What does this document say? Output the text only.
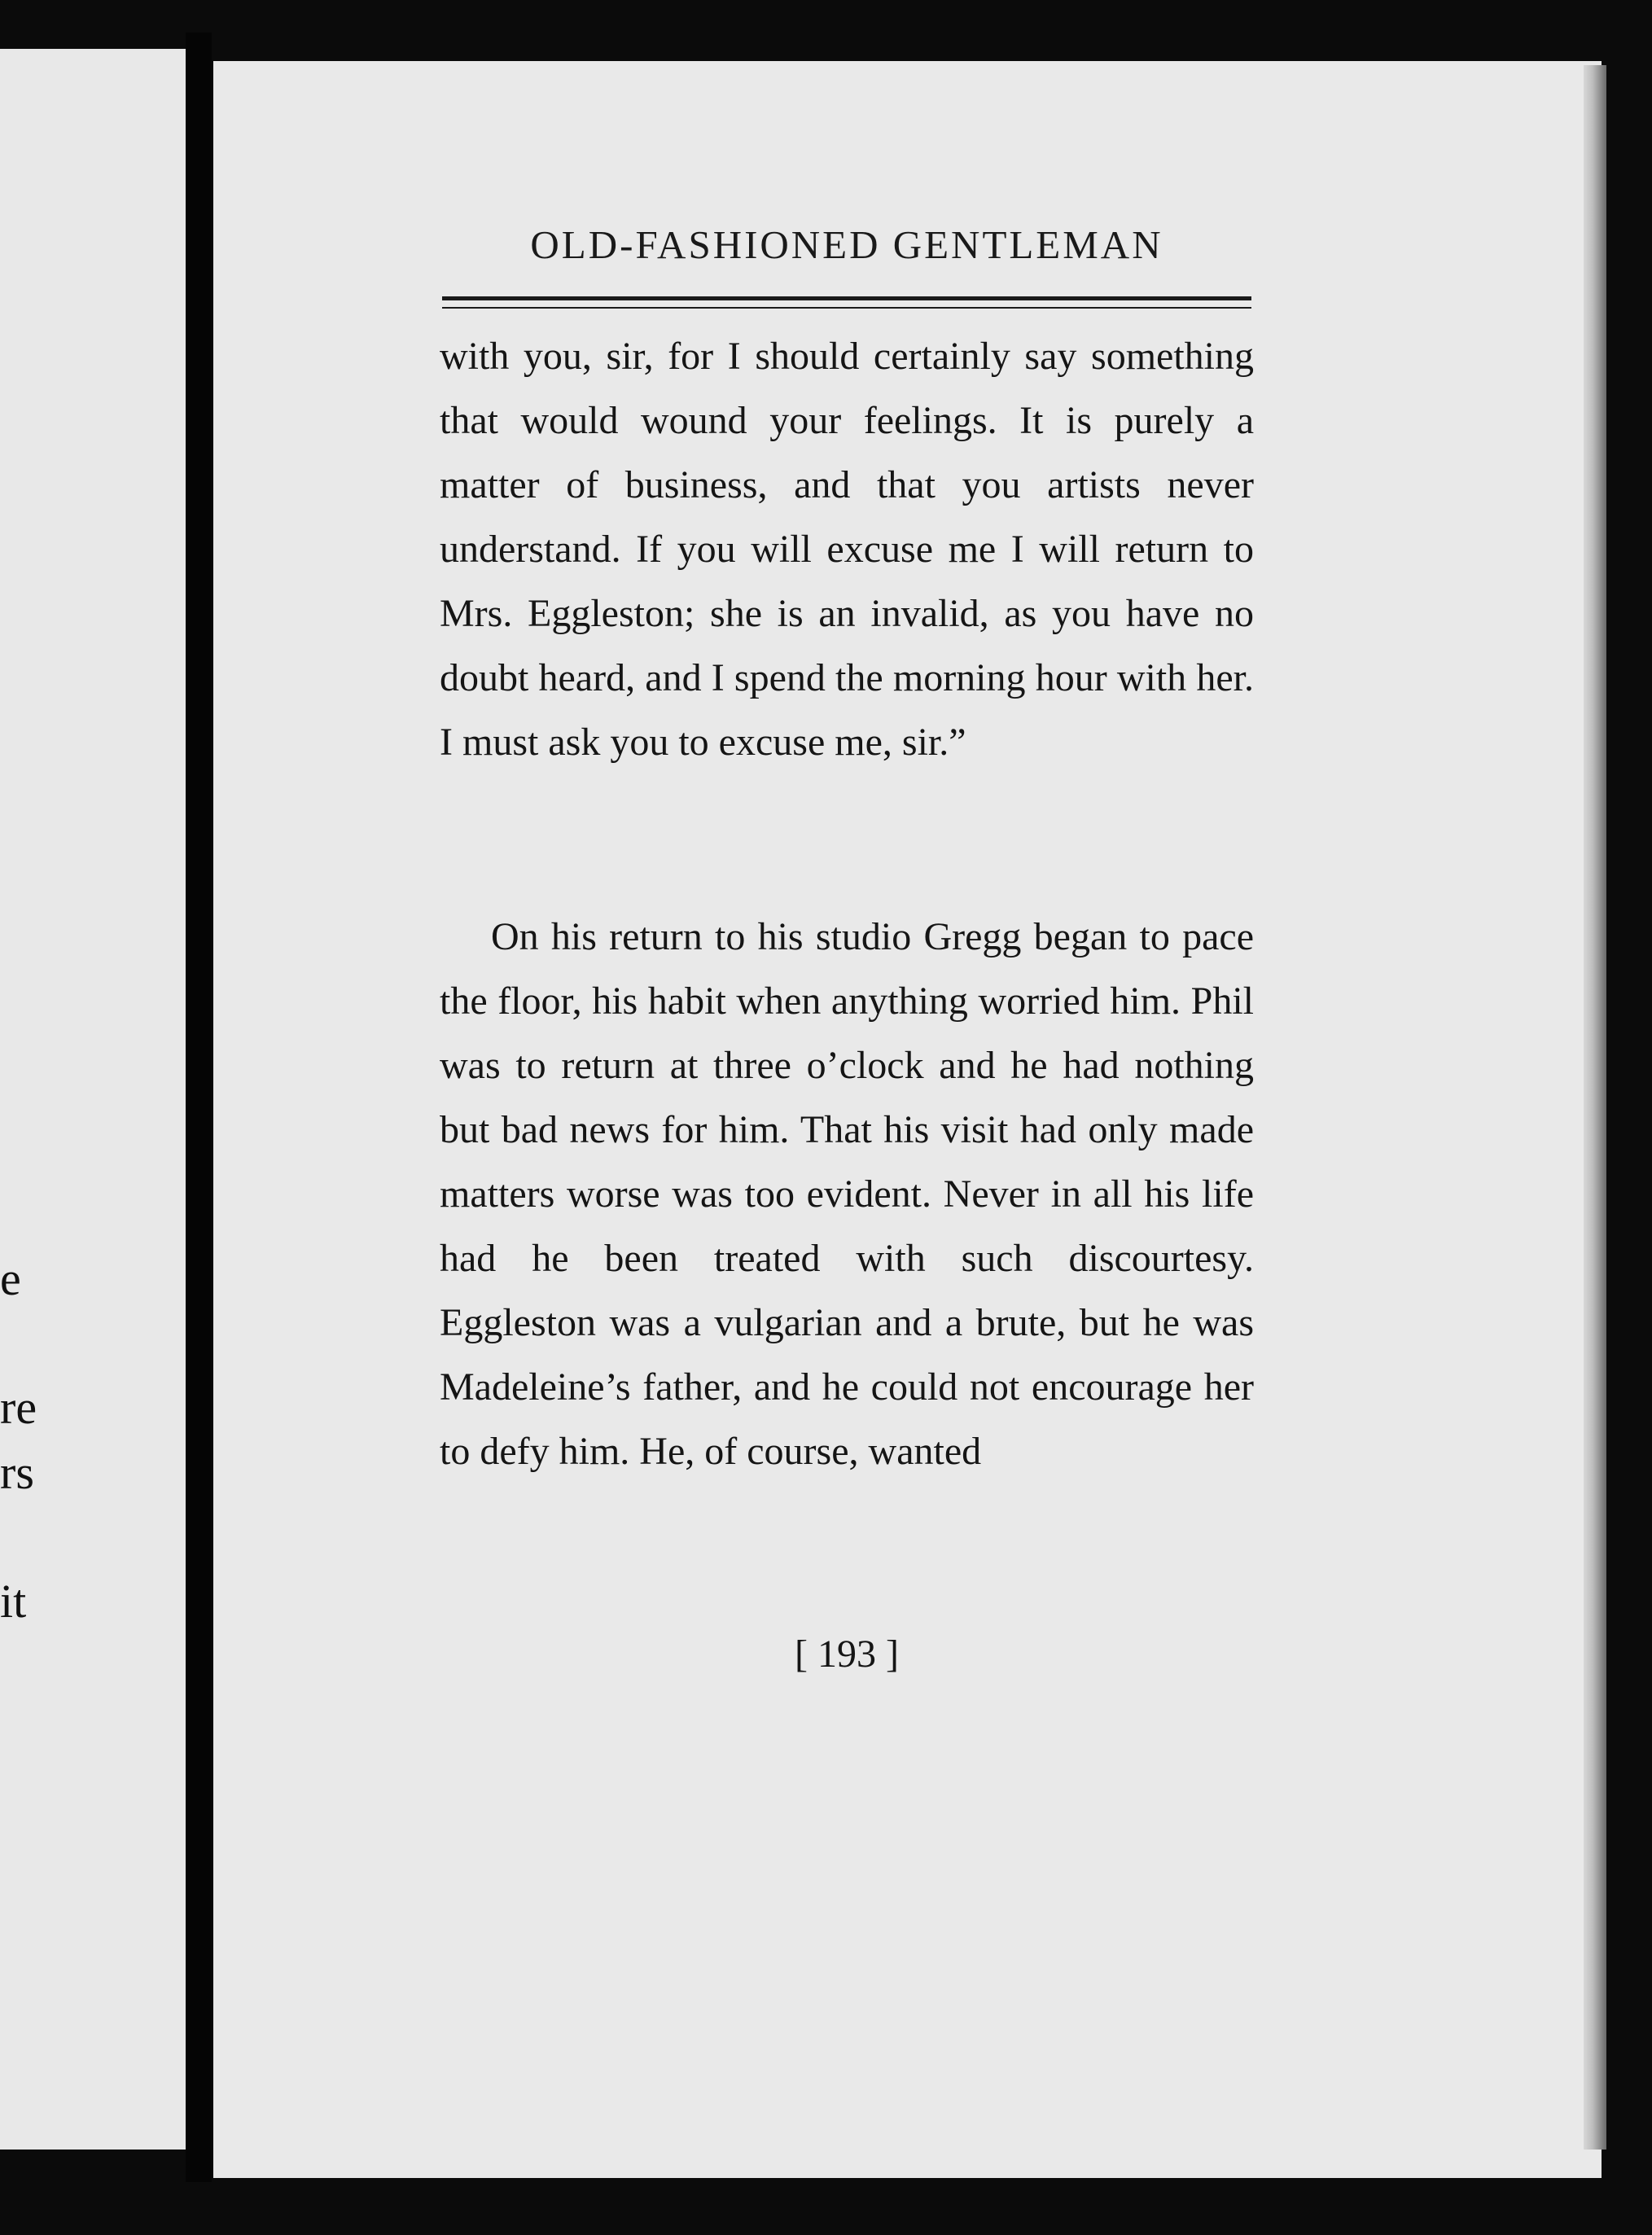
e
re
rs
it
OLD-FASHIONED GENTLEMAN

with you, sir, for I should certainly say something that would wound your feelings. It is purely a matter of business, and that you artists never understand. If you will excuse me I will return to Mrs. Eggleston; she is an invalid, as you have no doubt heard, and I spend the morning hour with her. I must ask you to excuse me, sir.”

On his return to his studio Gregg began to pace the floor, his habit when anything worried him. Phil was to return at three o’clock and he had nothing but bad news for him. That his visit had only made matters worse was too evident. Never in all his life had he been treated with such discourtesy. Eggleston was a vulgarian and a brute, but he was Madeleine’s father, and he could not encourage her to defy him. He, of course, wanted

[ 193 ]
